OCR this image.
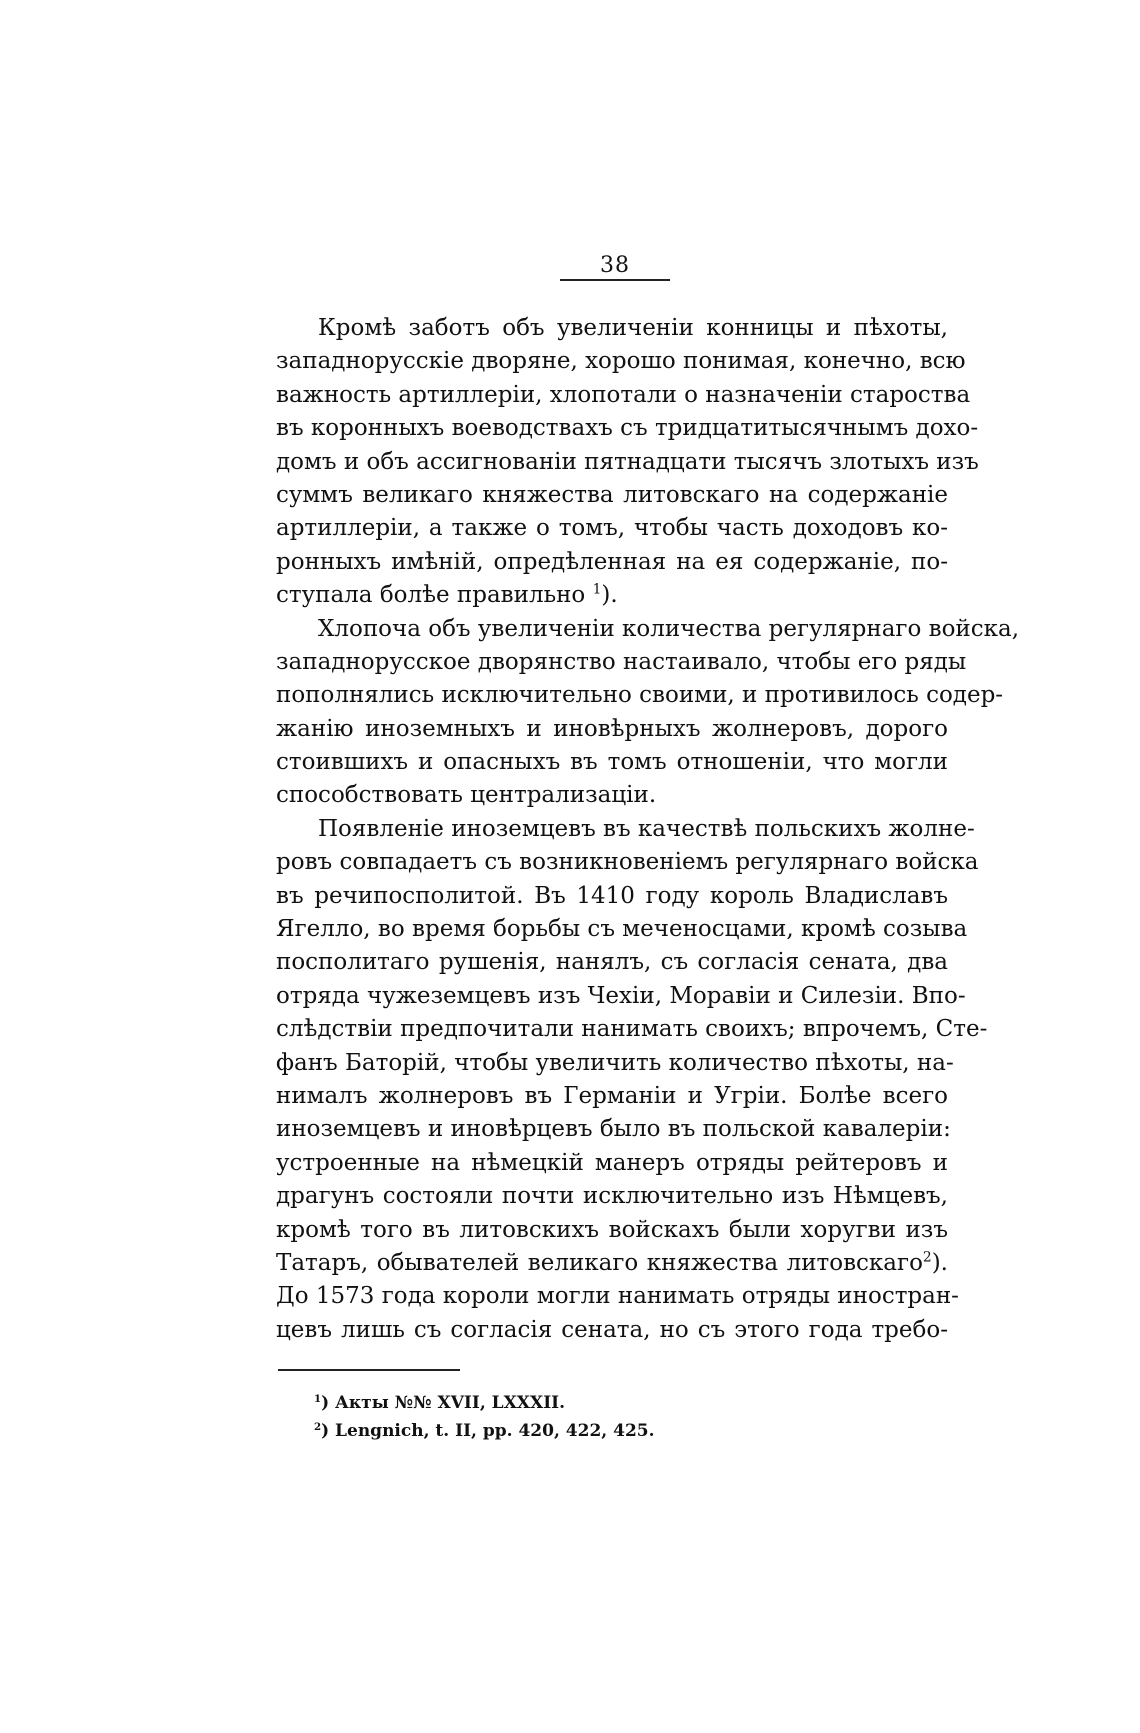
38
Кромѣ заботъ объ увеличеніи конницы и пѣхоты,
западнорусскіе дворяне, хорошо понимая, конечно, всю
важность артиллеріи, хлопотали о назначеніи староства
въ коронныхъ воеводствахъ съ тридцатитысячнымъ дохо-
домъ и объ ассигнованіи пятнадцати тысячъ злотыхъ изъ
суммъ великаго княжества литовскаго на содержаніе
артиллеріи, а также о томъ, чтобы часть доходовъ ко-
ронныхъ имѣній, опредѣленная на ея содержаніе, по-
ступала болѣе правильно $^1$).
Хлопоча объ увеличеніи количества регулярнаго войска,
западнорусское дворянство настаивало, чтобы его ряды
пополнялись исключительно своими, и противилось содер-
жанію иноземныхъ и иновѣрныхъ жолнеровъ, дорого
стоившихъ и опасныхъ въ томъ отношеніи, что могли
способствовать централизаціи.
Появленіе иноземцевъ въ качествѣ польскихъ жолне-
ровъ совпадаетъ съ возникновеніемъ регулярнаго войска
въ речипосполитой. Въ 1410 году король Владиславъ
Ягелло, во время борьбы съ меченосцами, кромѣ созыва
посполитаго рушенія, нанялъ, съ согласія сената, два
отряда чужеземцевъ изъ Чехіи, Моравіи и Силезіи. Впо-
слѣдствіи предпочитали нанимать своихъ; впрочемъ, Сте-
фанъ Баторій, чтобы увеличить количество пѣхоты, на-
нималъ жолнеровъ въ Германіи и Угріи. Болѣе всего
иноземцевъ и иновѣрцевъ было въ польской кавалеріи:
устроенные на нѣмецкій манеръ отряды рейтеровъ и
драгунъ состояли почти исключительно изъ Нѣмцевъ,
кромѣ того въ литовскихъ войскахъ были хоругви изъ
Татаръ, обывателей великаго княжества литовскаго$^2$).
До 1573 года короли могли нанимать отряды иностран-
цевъ лишь съ согласія сената, но съ этого года требо-
$^1$) Акты №№ XVII, LXXXII.
$^2$) Lengnich, t. II, pp. 420, 422, 425.
